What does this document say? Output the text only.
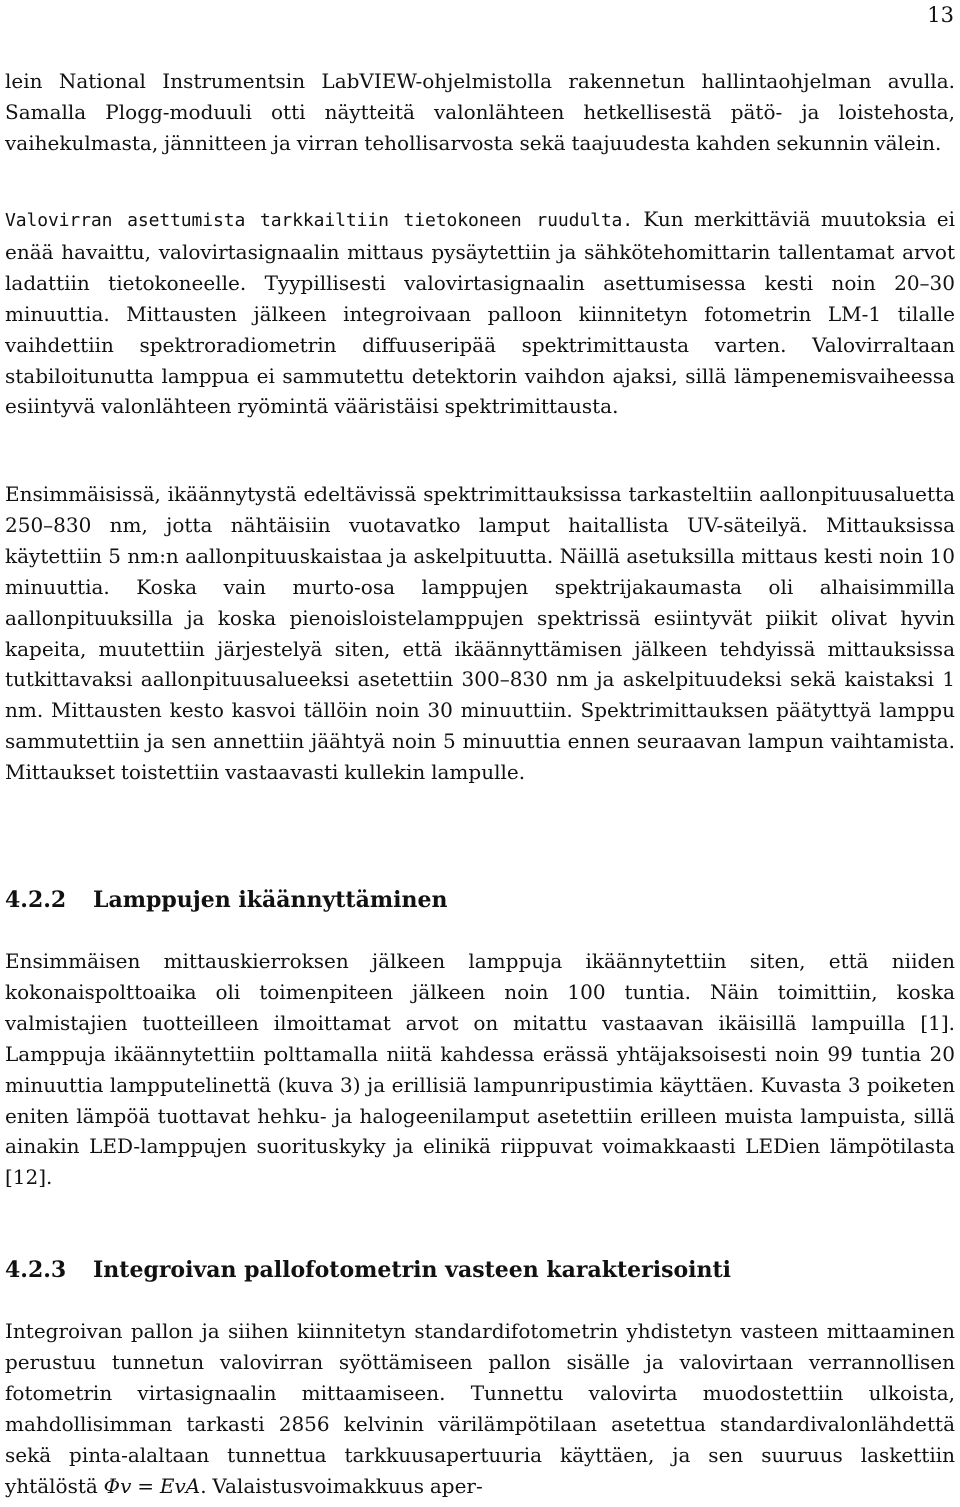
13
lein National Instrumentsin LabVIEW-ohjelmistolla rakennetun hallintaohjelman avulla. Samalla Plogg-moduuli otti näytteitä valonlähteen hetkellisestä pätö- ja loistehosta, vaihekulmasta, jännitteen ja virran tehollisarvosta sekä taajuudesta kahden sekunnin välein.
Valovirran asettumista tarkkailtiin tietokoneen ruudulta. Kun merkittäviä muutoksia ei enää havaittu, valovirtasignaalin mittaus pysäytettiin ja sähkötehomittarin tallentamat arvot ladattiin tietokoneelle. Tyypillisesti valovirtasignaalin asettumisessa kesti noin 20–30 minuuttia. Mittausten jälkeen integroivaan palloon kiinnitetyn fotometrin LM-1 tilalle vaihdettiin spektroradiometrin diffuuseripää spektrimittausta varten. Valovirraltaan stabiloitunutta lamppua ei sammutettu detektorin vaihdon ajaksi, sillä lämpenemisvaiheessa esiintyvä valonlähteen ryömintä vääristäisi spektrimittausta.
Ensimmäisissä, ikäännytystä edeltävissä spektrimittauksissa tarkasteltiin aallonpituusaluetta 250–830 nm, jotta nähtäisiin vuotavatko lamput haitallista UV-säteilyä. Mittauksissa käytettiin 5 nm:n aallonpituuskaistaa ja askelpituutta. Näillä asetuksilla mittaus kesti noin 10 minuuttia. Koska vain murto-osa lamppujen spektrijakaumasta oli alhaisimmilla aallonpituuksilla ja koska pienoisloistelamppujen spektrissä esiintyvät piikit olivat hyvin kapeita, muutettiin järjestelyä siten, että ikäännyttämisen jälkeen tehdyissä mittauksissa tutkittavaksi aallonpituusalueeksi asetettiin 300–830 nm ja askelpituudeksi sekä kaistaksi 1 nm. Mittausten kesto kasvoi tällöin noin 30 minuuttiin. Spektrimittauksen päätyttyä lamppu sammutettiin ja sen annettiin jäähtyä noin 5 minuuttia ennen seuraavan lampun vaihtamista. Mittaukset toistettiin vastaavasti kullekin lampulle.
4.2.2 Lamppujen ikäännyttäminen
Ensimmäisen mittauskierroksen jälkeen lamppuja ikäännytettiin siten, että niiden kokonaispolttoaika oli toimenpiteen jälkeen noin 100 tuntia. Näin toimittiin, koska valmistajien tuotteilleen ilmoittamat arvot on mitattu vastaavan ikäisillä lampuilla [1]. Lamppuja ikäännytettiin polttamalla niitä kahdessa erässä yhtäjaksoisesti noin 99 tuntia 20 minuuttia lampputelinettä (kuva 3) ja erillisiä lampunripustimia käyttäen. Kuvasta 3 poiketen eniten lämpöä tuottavat hehku- ja halogeenilamput asetettiin erilleen muista lampuista, sillä ainakin LED-lamppujen suorituskyky ja elinikä riippuvat voimakkaasti LEDien lämpötilasta [12].
4.2.3 Integroivan pallofotometrin vasteen karakterisointi
Integroivan pallon ja siihen kiinnitetyn standardifotometrin yhdistetyn vasteen mittaaminen perustuu tunnetun valovirran syöttämiseen pallon sisälle ja valovirtaan verrannollisen fotometrin virtasignaalin mittaamiseen. Tunnettu valovirta muodostettiin ulkoista, mahdollisimman tarkasti 2856 kelvinin värilämpötilaan asetettua standardivalonlähdettä sekä pinta-alaltaan tunnettua tarkkuusapertuuria käyttäen, ja sen suuruus laskettiin yhtälöstä Φv = EvA. Valaistusvoimakkuus aper-
